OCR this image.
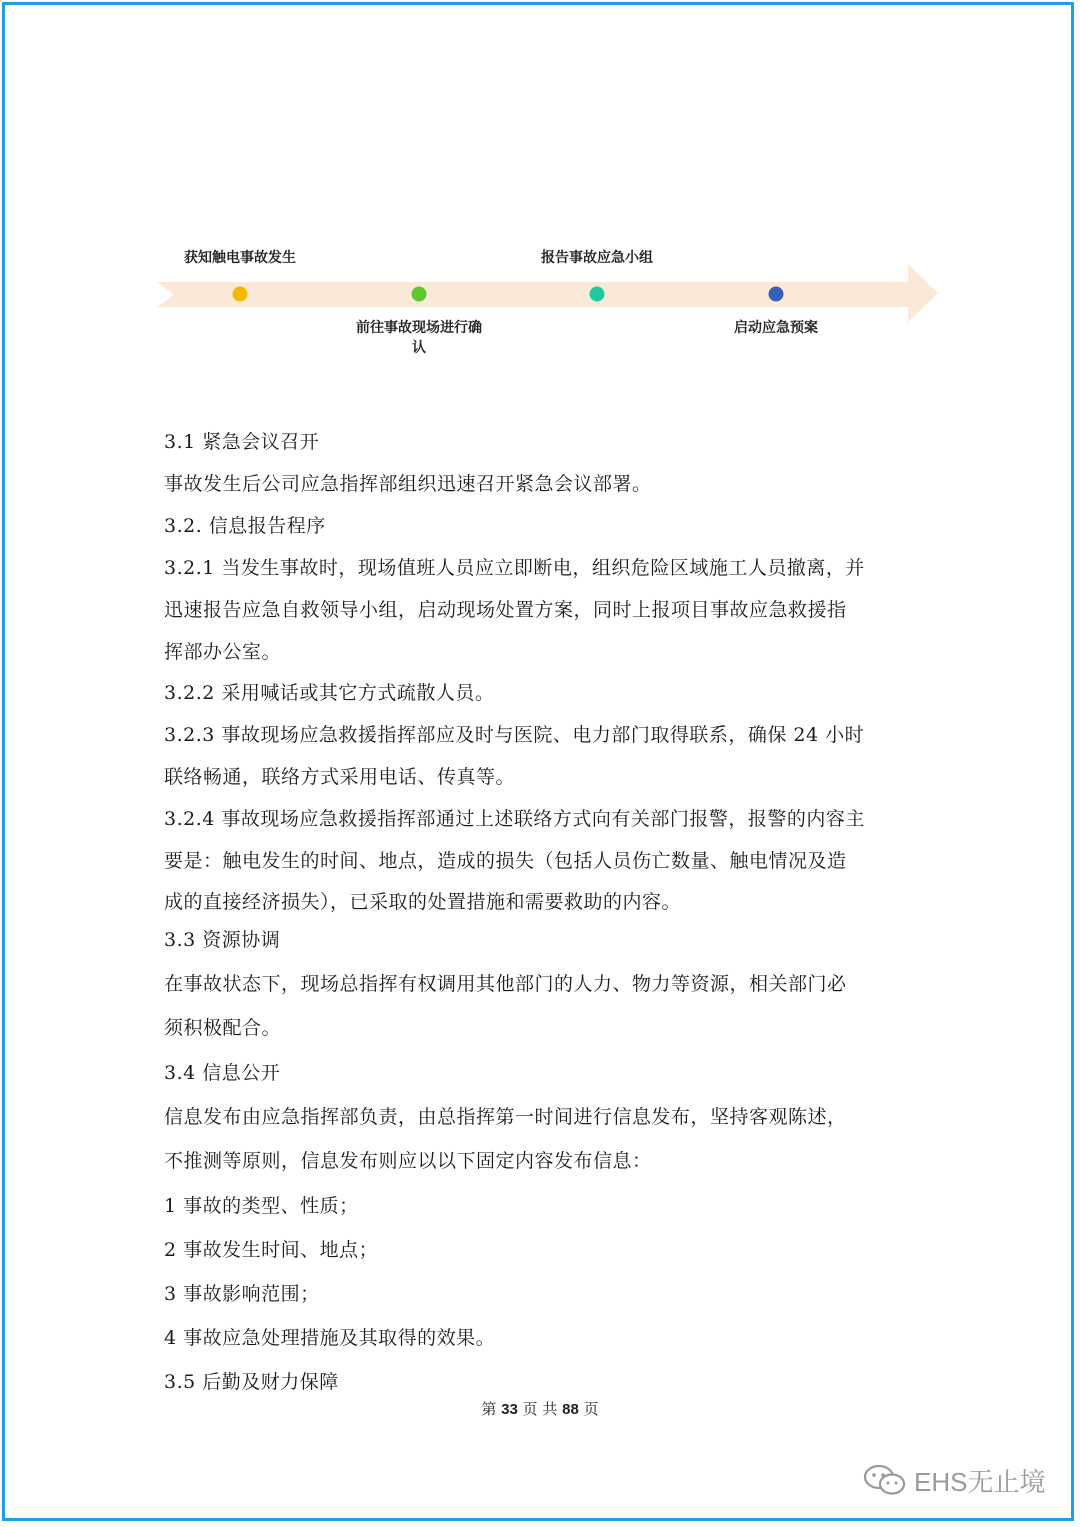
获知触电事故发生
前往事故现场进行确
认
报告事故应急小组
启动应急预案
3.1 紧急会议召开
事故发生后公司应急指挥部组织迅速召开紧急会议部署。
3.2. 信息报告程序
3.2.1 当发生事故时，现场值班人员应立即断电，组织危险区域施工人员撤离，并
迅速报告应急自救领导小组，启动现场处置方案，同时上报项目事故应急救援指
挥部办公室。
3.2.2 采用喊话或其它方式疏散人员。
3.2.3 事故现场应急救援指挥部应及时与医院、电力部门取得联系，确保 24 小时
联络畅通，联络方式采用电话、传真等。
3.2.4 事故现场应急救援指挥部通过上述联络方式向有关部门报警，报警的内容主
要是：触电发生的时间、地点，造成的损失（包括人员伤亡数量、触电情况及造
成的直接经济损失），已采取的处置措施和需要救助的内容。
3.3 资源协调
在事故状态下，现场总指挥有权调用其他部门的人力、物力等资源，相关部门必
须积极配合。
3.4 信息公开
信息发布由应急指挥部负责，由总指挥第一时间进行信息发布，坚持客观陈述，
不推测等原则，信息发布则应以以下固定内容发布信息：
1 事故的类型、性质；
2 事故发生时间、地点；
3 事故影响范围；
4 事故应急处理措施及其取得的效果。
3.5 后勤及财力保障
第 33 页 共 88 页
EHS无止境
